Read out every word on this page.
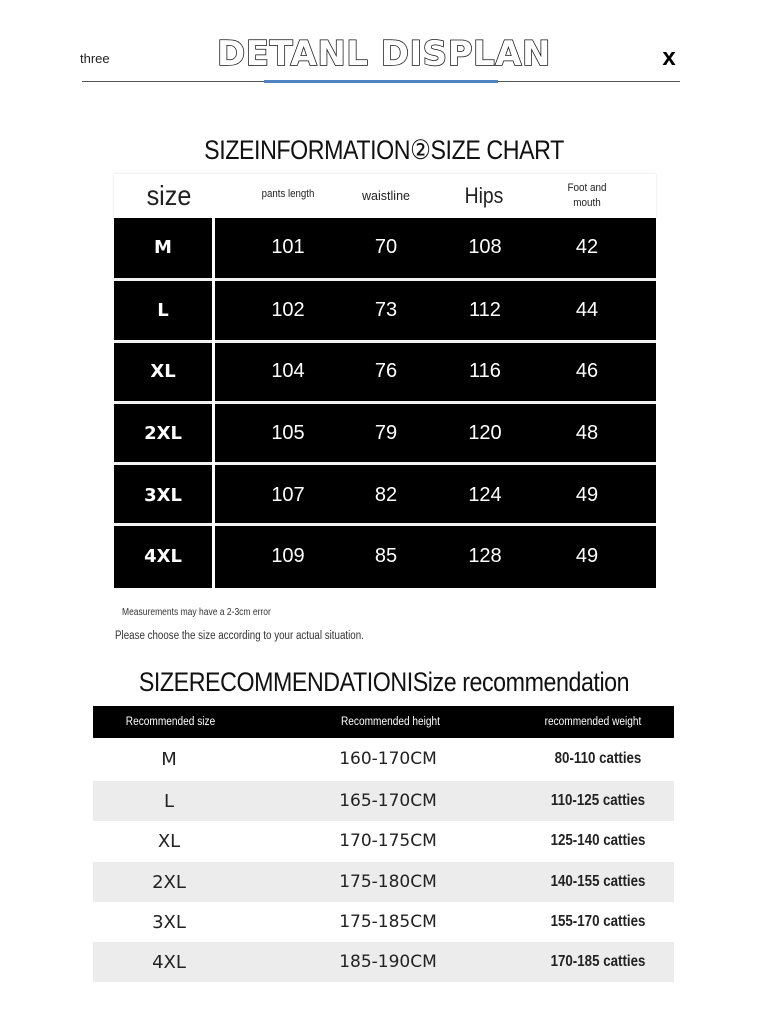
three	DETANL DISPLAN	x
SIZEINFORMATION②SIZE CHART
size	pants length	waistline	Hips	Foot and mouth
M	101	70	108	42
L	102	73	112	44
XL	104	76	116	46
2XL	105	79	120	48
3XL	107	82	124	49
4XL	109	85	128	49
Measurements may have a 2-3cm error
Please choose the size according to your actual situation.
SIZERECOMMENDATIONISize recommendation
Recommended size	Recommended height	recommended weight
M	160-170CM	80-110 catties
L	165-170CM	110-125 catties
XL	170-175CM	125-140 catties
2XL	175-180CM	140-155 catties
3XL	175-185CM	155-170 catties
4XL	185-190CM	170-185 catties
